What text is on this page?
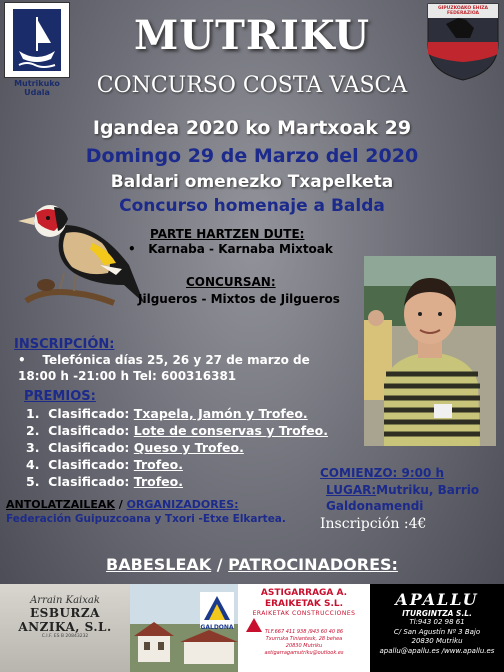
Mutrikuko Udala
GIPUZKOAKO EHIZA FEDERAZIOA
MUTRIKU
CONCURSO COSTA VASCA
Igandea 2020 ko Martxoak 29
Domingo 29 de Marzo del 2020
Baldari omenezko Txapelketa
Concurso homenaje a Balda
PARTE HARTZEN DUTE:
• Karnaba - Karnaba Mixtoak
CONCURSAN:
Jilgueros - Mixtos de Jilgueros
INSCRIPCIÓN:
• Telefónica días 25, 26 y 27 de marzo de 18:00 h -21:00 h Tel: 600316381
PREMIOS:
1. Clasificado: Txapela, Jamón y Trofeo.
2. Clasificado: Lote de conservas y Trofeo.
3. Clasificado: Queso y Trofeo.
4. Clasificado: Trofeo.
5. Clasificado: Trofeo.
COMIENZO: 9:00 h
LUGAR:Mutriku, Barrio Galdonamendi
Inscripción :4€
ANTOLATZAILEAK / ORGANIZADORES:
Federación Guipuzcoana y Txori -Etxe Elkartea.
BABESLEAK / PATROCINADORES:
Arrain Kaixak
ESBURZA ANZIKA, S.L.
C.I.F. ES B 20843232
GALDONA
ASTIGARRAGA A. ERAIKETAK S.L.
ERAIKETAK CONSTRUCCIONES
TLF.667 411 938 /943 60 40 86
Txurruka Tiniantesk, 28 behea
20830 Mutriku
astigarragamutriku@outlook.es
APALLU
ITURGINTZA S.L.
Tl:943 02 98 61
C/ San Agustín Nº 3 Bajo
20830 Mutriku
apallu@apallu.es /www.apallu.es
